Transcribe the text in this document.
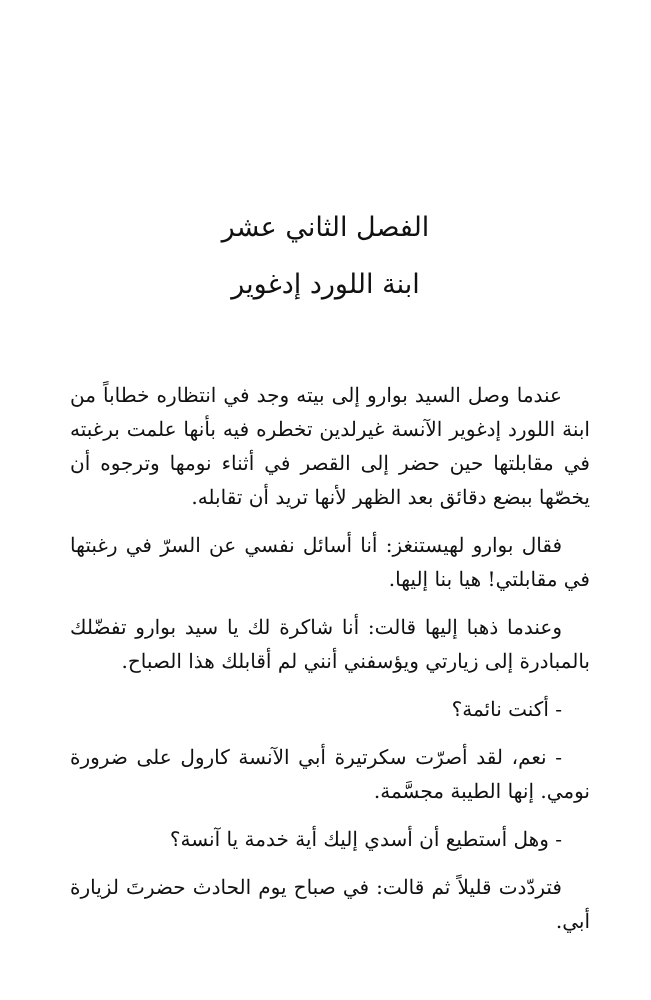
الفصل الثاني عشر
ابنة اللورد إدغوير

عندما وصل السيد بوارو إلى بيته وجد في انتظاره خطاباً من ابنة اللورد إدغوير الآنسة غيرلدين تخطره فيه بأنها علمت برغبته في مقابلتها حين حضر إلى القصر في أثناء نومها وترجوه أن يخصّها ببضع دقائق بعد الظهر لأنها تريد أن تقابله.

فقال بوارو لهيستنغز: أنا أسائل نفسي عن السرّ في رغبتها في مقابلتي! هيا بنا إليها.

وعندما ذهبا إليها قالت: أنا شاكرة لك يا سيد بوارو تفضّلك بالمبادرة إلى زيارتي ويؤسفني أنني لم أقابلك هذا الصباح.

- أكنت نائمة؟

- نعم، لقد أصرّت سكرتيرة أبي الآنسة كارول على ضرورة نومي. إنها الطيبة مجسَّمة.

- وهل أستطيع أن أسدي إليك أية خدمة يا آنسة؟

فتردّدت قليلاً ثم قالت: في صباح يوم الحادث حضرتَ لزيارة أبي.
